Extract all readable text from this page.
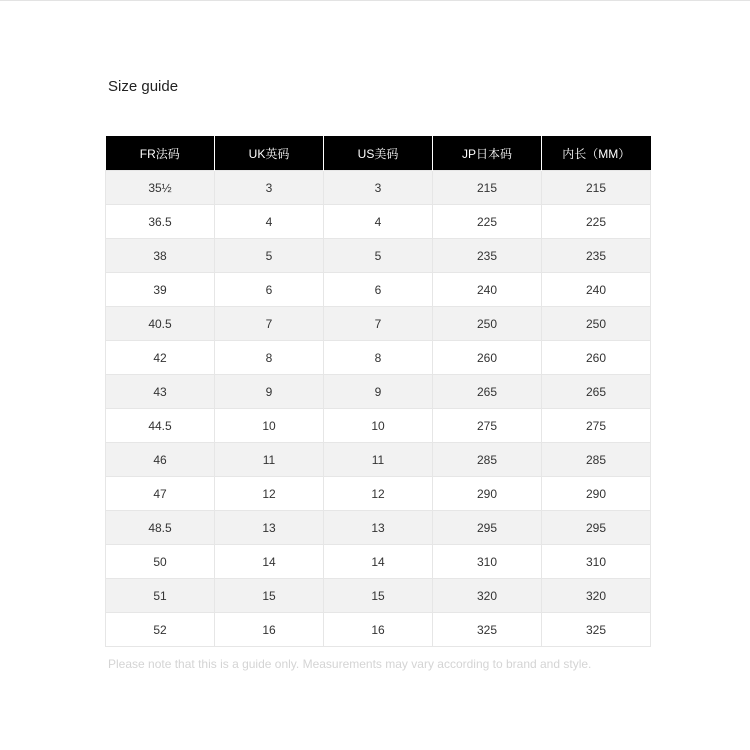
Size guide
FR法码	UK英码	US美码	JP日本码	内长（MM）
35½	3	3	215	215
36.5	4	4	225	225
38	5	5	235	235
39	6	6	240	240
40.5	7	7	250	250
42	8	8	260	260
43	9	9	265	265
44.5	10	10	275	275
46	11	11	285	285
47	12	12	290	290
48.5	13	13	295	295
50	14	14	310	310
51	15	15	320	320
52	16	16	325	325
Please note that this is a guide only. Measurements may vary according to brand and style.
